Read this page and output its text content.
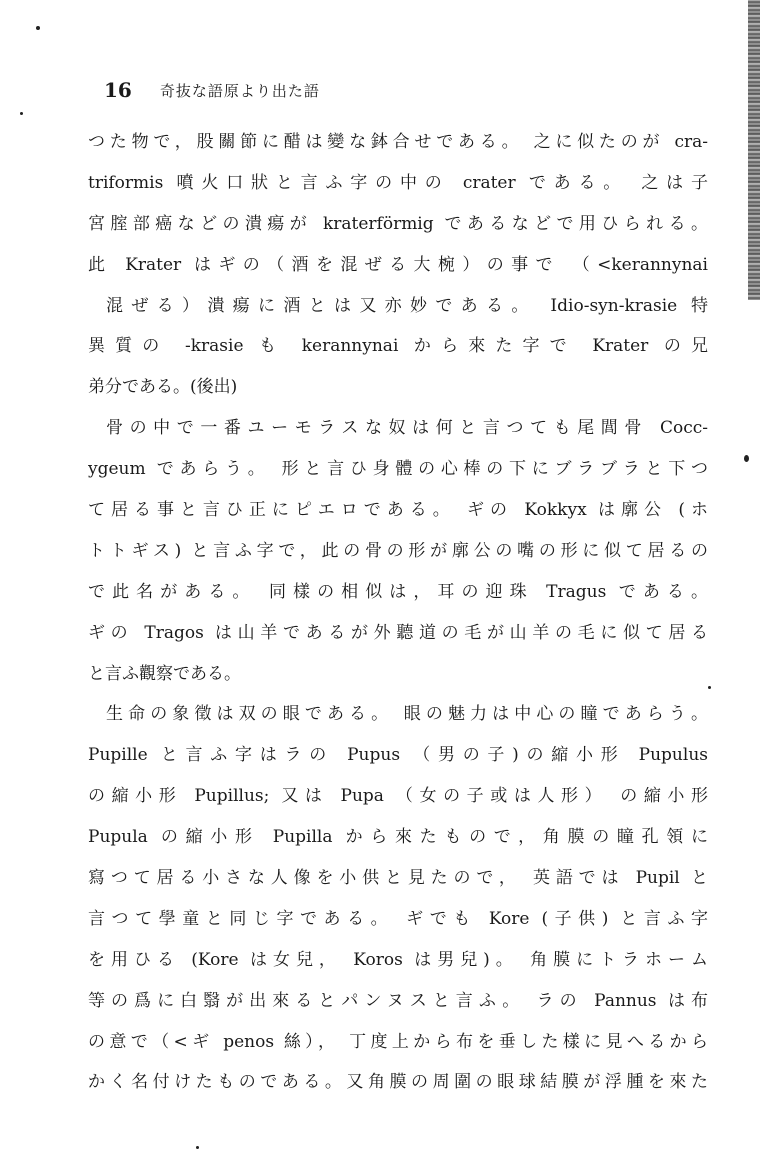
16 奇抜な語原より出た語
つた物で，股關節に醋は變な鉢合せである。 之に似たのが cra-
triformis 噴火口狀と言ふ字の中の crater である。 之は子
宮腟部癌などの潰瘍が kraterförmig であるなどで用ひられる。
此 Krater はギの（酒を混ぜる大椀）の事で （<kerannynai
混ぜる）潰瘍に酒とは又亦妙である。 Idio-syn-krasie 特
異質の -krasie も kerannynai から來た字で Krater の兄
弟分である。(後出)
骨の中で一番ユーモラスな奴は何と言つても尾閭骨 Cocc-
ygeum であらう。 形と言ひ身體の心棒の下にブラブラと下つ
て居る事と言ひ正にピエロである。 ギの Kokkyx は廓公 (ホ
トトギス) と言ふ字で，此の骨の形が廓公の嘴の形に似て居るの
で此名がある。 同樣の相似は，耳の迎珠 Tragus である。
ギの Tragos は山羊であるが外聽道の毛が山羊の毛に似て居る
と言ふ觀察である。
生命の象徵は双の眼である。 眼の魅力は中心の瞳であらう。
Pupille と言ふ字はラの Pupus （男の子)の縮小形 Pupulus
の縮小形 Pupillus; 又は Pupa （女の子或は人形） の縮小形
Pupula の縮小形 Pupilla から來たもので，角膜の瞳孔領に
寫つて居る小さな人像を小供と見たので， 英語では Pupil と
言つて學童と同じ字である。 ギでも Kore (子供) と言ふ字
を用ひる (Kore は女兒， Koros は男兒)。 角膜にトラホーム
等の爲に白翳が出來るとパンヌスと言ふ。 ラの Pannus は布
の意で（<ギ penos 絲）， 丁度上から布を垂した樣に見へるから
かく名付けたものである。又角膜の周圍の眼球結膜が浮腫を來た
